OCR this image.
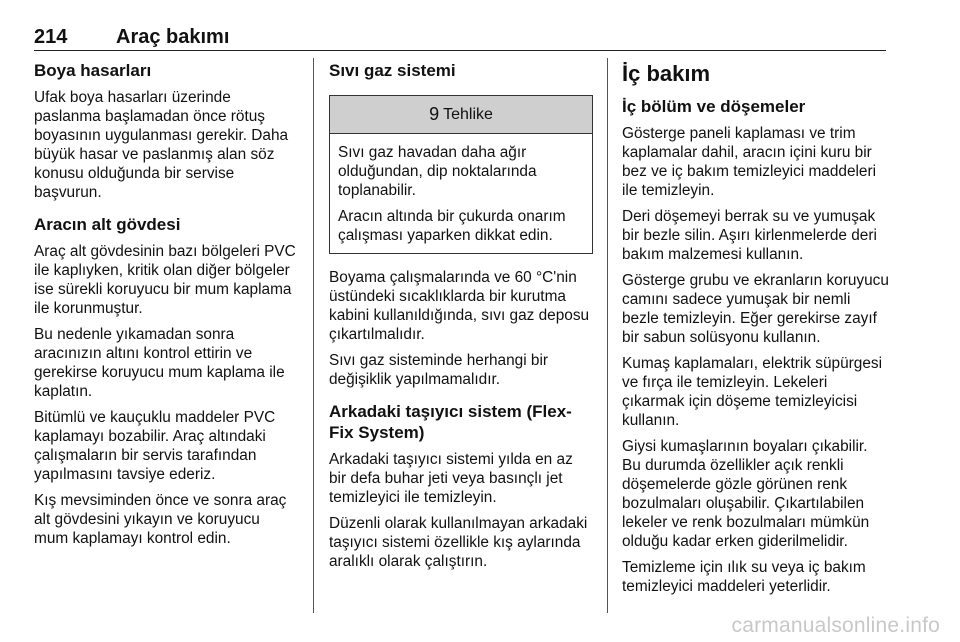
214 Araç bakımı
Boya hasarları

Ufak boya hasarları üzerinde paslanma başlamadan önce rötuş boyasının uygulanması gerekir. Daha büyük hasar ve paslanmış alan söz konusu olduğunda bir servise başvurun.

Aracın alt gövdesi

Araç alt gövdesinin bazı bölgeleri PVC ile kaplıyken, kritik olan diğer bölgeler ise sürekli koruyucu bir mum kaplama ile korunmuştur.

Bu nedenle yıkamadan sonra aracınızın altını kontrol ettirin ve gerekirse koruyucu mum kaplama ile kaplatın.

Bitümlü ve kauçuklu maddeler PVC kaplamayı bozabilir. Araç altındaki çalışmaların bir servis tarafından yapılmasını tavsiye ederiz.

Kış mevsiminden önce ve sonra araç alt gövdesini yıkayın ve koruyucu mum kaplamayı kontrol edin.

Sıvı gaz sistemi
9 Tehlike

Sıvı gaz havadan daha ağır olduğundan, dip noktalarında toplanabilir.

Aracın altında bir çukurda onarım çalışması yaparken dikkat edin.

Boyama çalışmalarında ve 60 °C'nin üstündeki sıcaklıklarda bir kurutma kabini kullanıldığında, sıvı gaz deposu çıkartılmalıdır.

Sıvı gaz sisteminde herhangi bir değişiklik yapılmamalıdır.

Arkadaki taşıyıcı sistem (Flex-Fix System)

Arkadaki taşıyıcı sistemi yılda en az bir defa buhar jeti veya basınçlı jet temizleyici ile temizleyin.

Düzenli olarak kullanılmayan arkadaki taşıyıcı sistemi özellikle kış aylarında aralıklı olarak çalıştırın.

İç bakım
İç bölüm ve döşemeler

Gösterge paneli kaplaması ve trim kaplamalar dahil, aracın içini kuru bir bez ve iç bakım temizleyici maddeleri ile temizleyin.

Deri döşemeyi berrak su ve yumuşak bir bezle silin. Aşırı kirlenmelerde deri bakım malzemesi kullanın.

Gösterge grubu ve ekranların koruyucu camını sadece yumuşak bir nemli bezle temizleyin. Eğer gerekirse zayıf bir sabun solüsyonu kullanın.

Kumaş kaplamaları, elektrik süpürgesi ve fırça ile temizleyin. Lekeleri çıkarmak için döşeme temizleyicisi kullanın.

Giysi kumaşlarının boyaları çıkabilir. Bu durumda özellikler açık renkli döşemelerde gözle görünen renk bozulmaları oluşabilir. Çıkartılabilen lekeler ve renk bozulmaları mümkün olduğu kadar erken giderilmelidir.

Temizleme için ılık su veya iç bakım temizleyici maddeleri yeterlidir.

carmanualsonline.info
